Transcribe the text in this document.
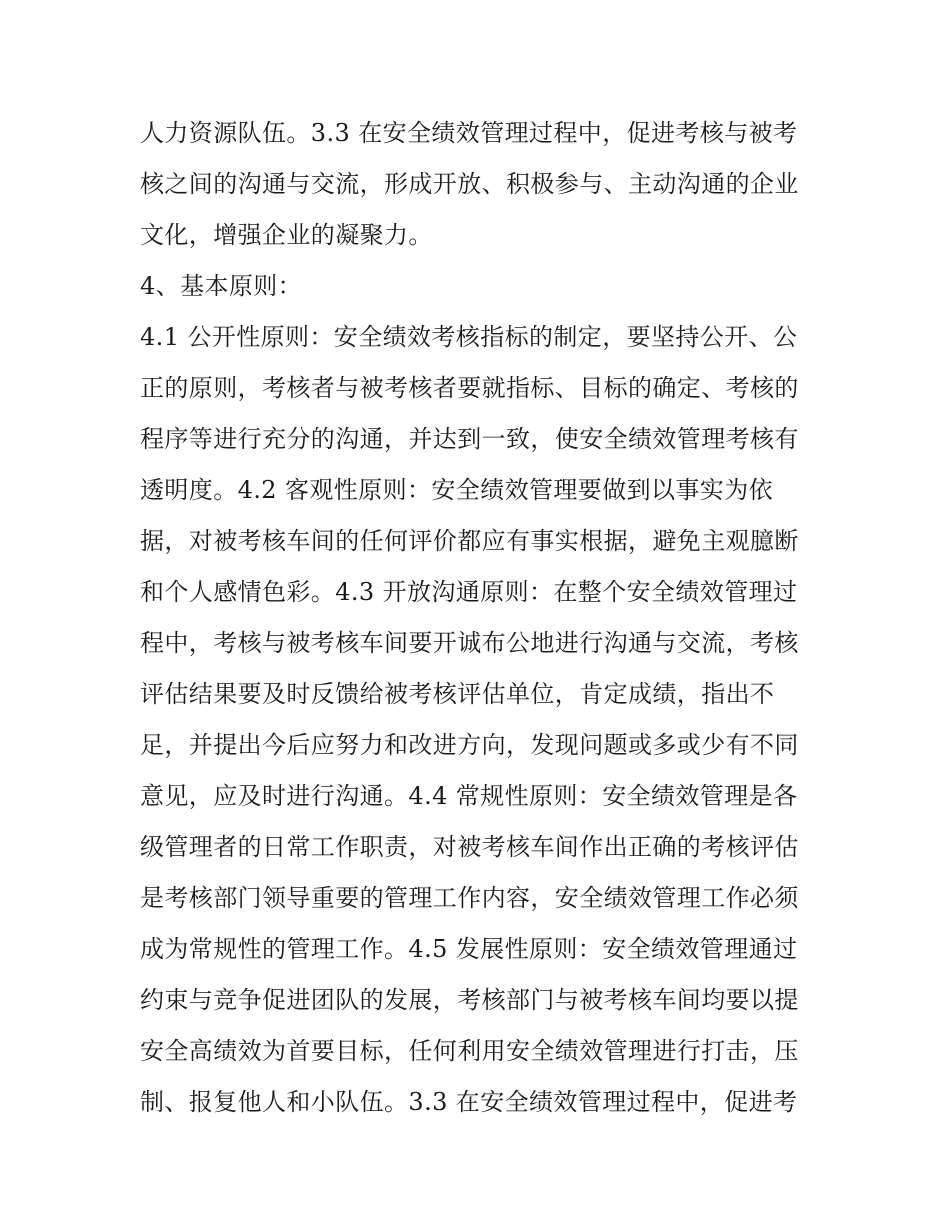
人力资源队伍。3.3 在安全绩效管理过程中，促进考核与被考
核之间的沟通与交流，形成开放、积极参与、主动沟通的企业
文化，增强企业的凝聚力。
4、基本原则：
4.1 公开性原则：安全绩效考核指标的制定，要坚持公开、公
正的原则，考核者与被考核者要就指标、目标的确定、考核的
程序等进行充分的沟通，并达到一致，使安全绩效管理考核有
透明度。4.2 客观性原则：安全绩效管理要做到以事实为依
据，对被考核车间的任何评价都应有事实根据，避免主观臆断
和个人感情色彩。4.3 开放沟通原则：在整个安全绩效管理过
程中，考核与被考核车间要开诚布公地进行沟通与交流，考核
评估结果要及时反馈给被考核评估单位，肯定成绩，指出不
足，并提出今后应努力和改进方向，发现问题或多或少有不同
意见，应及时进行沟通。4.4 常规性原则：安全绩效管理是各
级管理者的日常工作职责，对被考核车间作出正确的考核评估
是考核部门领导重要的管理工作内容，安全绩效管理工作必须
成为常规性的管理工作。4.5 发展性原则：安全绩效管理通过
约束与竞争促进团队的发展，考核部门与被考核车间均要以提
安全高绩效为首要目标，任何利用安全绩效管理进行打击，压
制、报复他人和小队伍。3.3 在安全绩效管理过程中，促进考
